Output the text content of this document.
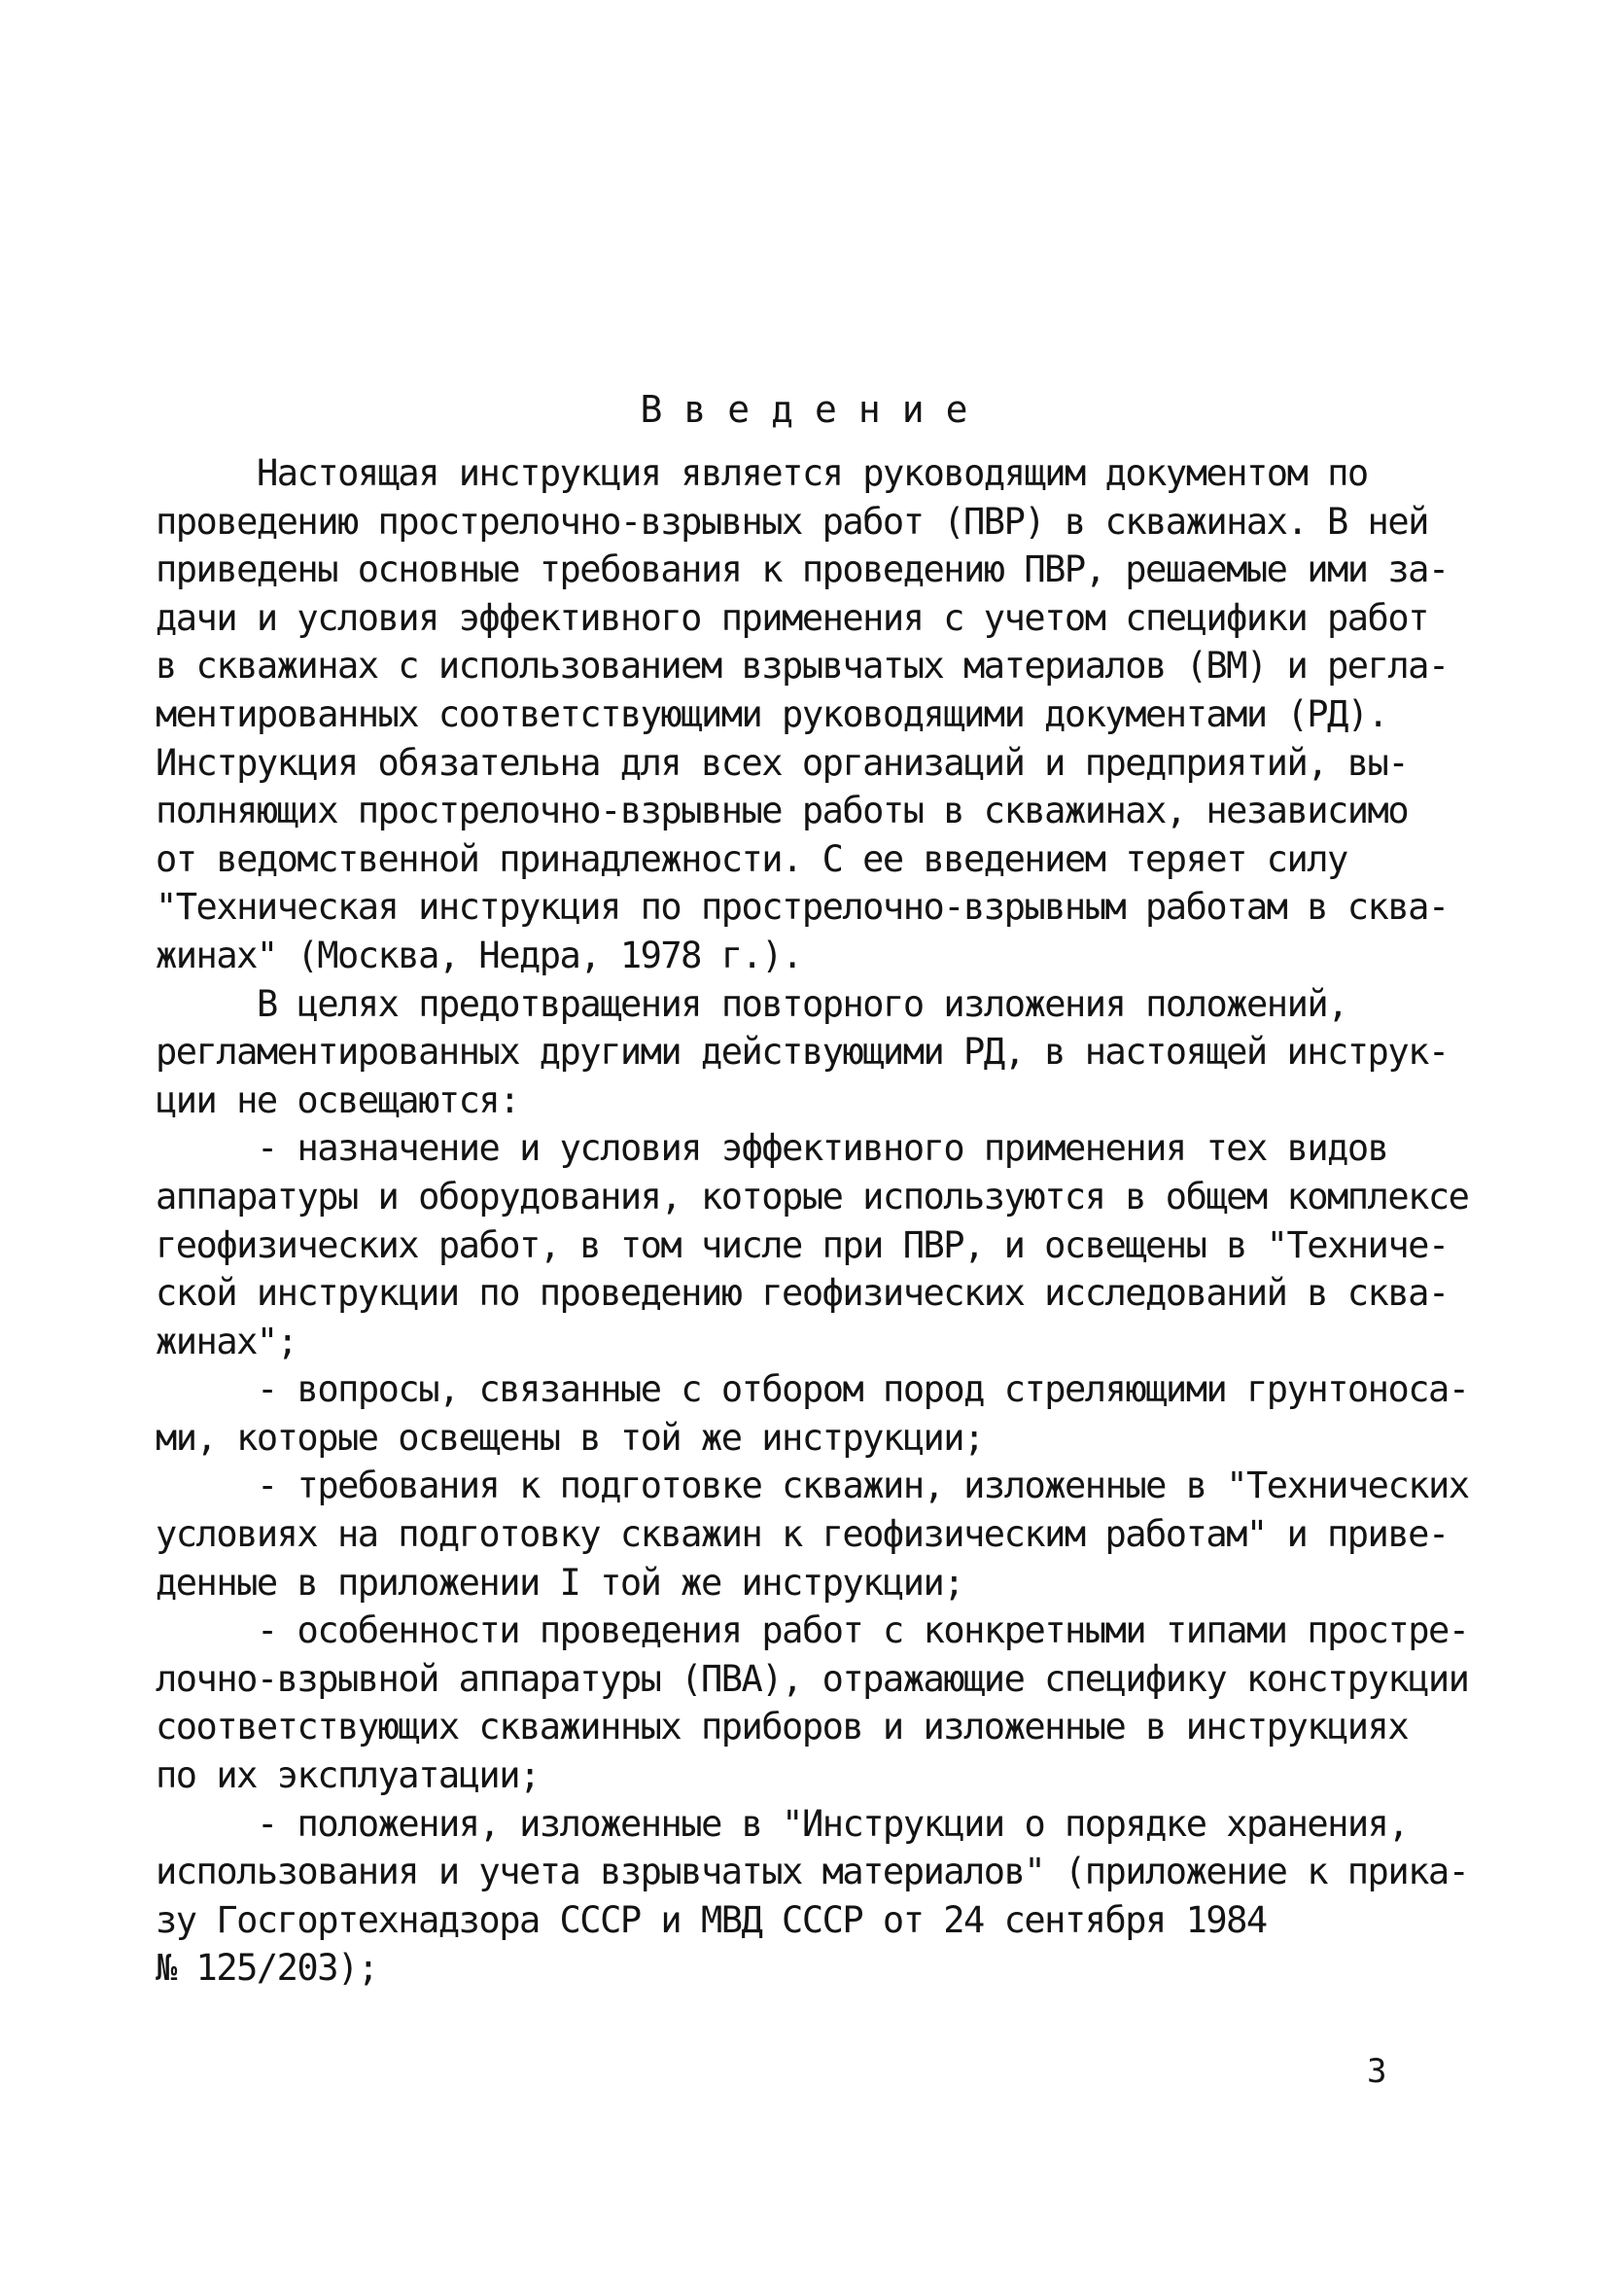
Введение
Настоящая инструкция является руководящим документом по
проведению прострелочно-взрывных работ (ПВР) в скважинах. В ней
приведены основные требования к проведению ПВР, решаемые ими за-
дачи и условия эффективного применения с учетом специфики работ
в скважинах с использованием взрывчатых материалов (ВМ) и регла-
ментированных соответствующими руководящими документами (РД).
Инструкция обязательна для всех организаций и предприятий, вы-
полняющих прострелочно-взрывные работы в скважинах, независимо
от ведомственной принадлежности. С ее введением теряет силу
"Техническая инструкция по прострелочно-взрывным работам в сква-
жинах" (Москва, Недра, 1978 г.).
В целях предотвращения повторного изложения положений,
регламентированных другими действующими РД, в настоящей инструк-
ции не освещаются:
- назначение и условия эффективного применения тех видов
аппаратуры и оборудования, которые используются в общем комплексе
геофизических работ, в том числе при ПВР, и освещены в "Техниче-
ской инструкции по проведению геофизических исследований в сква-
жинах";
- вопросы, связанные с отбором пород стреляющими грунтоноса-
ми, которые освещены в той же инструкции;
- требования к подготовке скважин, изложенные в "Технических
условиях на подготовку скважин к геофизическим работам" и приве-
денные в приложении I той же инструкции;
- особенности проведения работ с конкретными типами простре-
лочно-взрывной аппаратуры (ПВА), отражающие специфику конструкции
соответствующих скважинных приборов и изложенные в инструкциях
по их эксплуатации;
- положения, изложенные в "Инструкции о порядке хранения,
использования и учета взрывчатых материалов" (приложение к прика-
зу Госгортехнадзора СССР и МВД СССР от 24 сентября 1984
№ 125/203);
3
